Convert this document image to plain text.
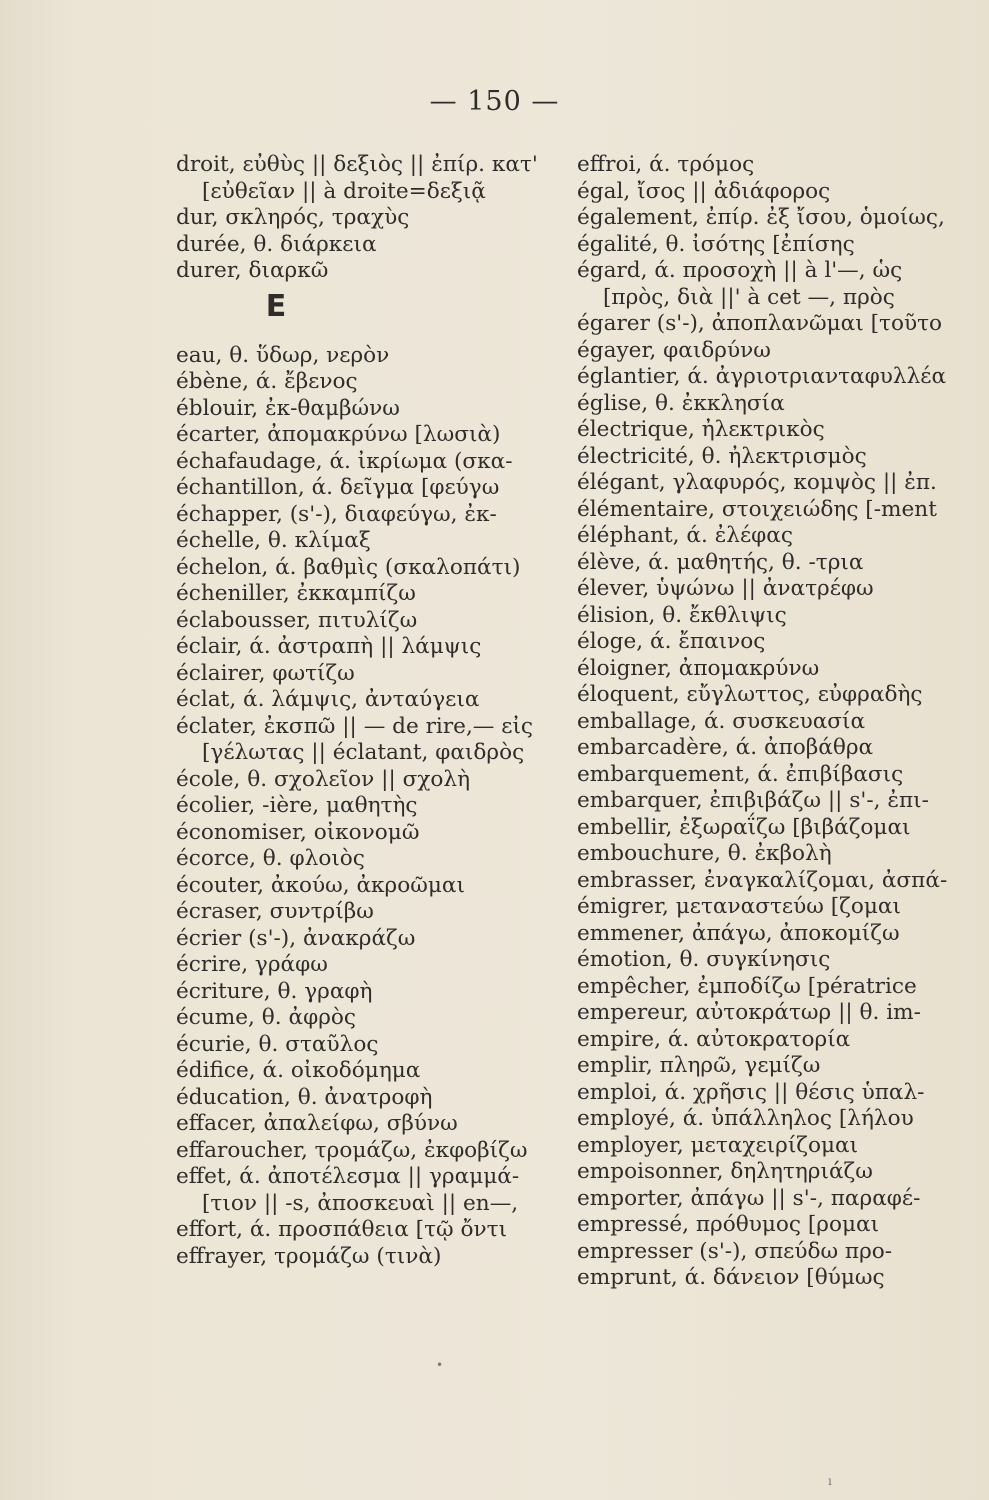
— 150 —
droit, εὐθὺς || δεξιὸς || ἐπίρ. κατ'
[εὐθεῖαν || à droite=δεξιᾷ
dur, σκληρός, τραχὺς
durée, θ. διάρκεια
durer, διαρκῶ
E
eau, θ. ὕδωρ, νερὸν
ébène, ά. ἔβενος
éblouir, ἐκ-θαμβώνω
écarter, ἀπομακρύνω [λωσιὰ)
échafaudage, ά. ἰκρίωμα (σκα-
échantillon, ά. δεῖγμα [φεύγω
échapper, (s'-), διαφεύγω, ἐκ-
échelle, θ. κλίμαξ
échelon, ά. βαθμὶς (σκαλοπάτι)
écheniller, ἐκκαμπίζω
éclabousser, πιτυλίζω
éclair, ά. ἀστραπὴ || λάμψις
éclairer, φωτίζω
éclat, ά. λάμψις, ἀνταύγεια
éclater, ἐκσπῶ || — de rire,— εἰς
[γέλωτας || éclatant, φαιδρὸς
école, θ. σχολεῖον || σχολὴ
écolier, -ière, μαθητὴς
économiser, οἰκονομῶ
écorce, θ. φλοιὸς
écouter, ἀκούω, ἀκροῶμαι
écraser, συντρίβω
écrier (s'-), ἀνακράζω
écrire, γράφω
écriture, θ. γραφὴ
écume, θ. ἀφρὸς
écurie, θ. σταῦλος
édifice, ά. οἰκοδόμημα
éducation, θ. ἀνατροφὴ
effacer, ἀπαλείφω, σβύνω
effaroucher, τρομάζω, ἐκφοβίζω
effet, ά. ἀποτέλεσμα || γραμμά-
[τιον || -s, ἀποσκευαὶ || en—,
effort, ά. προσπάθεια [τῷ ὄντι
effrayer, τρομάζω (τινὰ)
effroi, ά. τρόμος
égal, ἴσος || ἀδιάφορος
également, ἐπίρ. ἐξ ἴσου, ὁμοίως,
égalité, θ. ἰσότης [ἐπίσης
égard, ά. προσοχὴ || à l'—, ὡς
[πρὸς, διὰ ||' à cet —, πρὸς
égarer (s'-), ἀποπλανῶμαι [τοῦτο
égayer, φαιδρύνω
églantier, ά. ἀγριοτριανταφυλλέα
église, θ. ἐκκλησία
électrique, ἠλεκτρικὸς
électricité, θ. ἠλεκτρισμὸς
élégant, γλαφυρός, κομψὸς || ἐπ.
élémentaire, στοιχειώδης [-ment
éléphant, ά. ἐλέφας
élève, ά. μαθητής, θ. -τρια
élever, ὑψώνω || ἀνατρέφω
élision, θ. ἔκθλιψις
éloge, ά. ἔπαινος
éloigner, ἀπομακρύνω
éloquent, εὔγλωττος, εὐφραδὴς
emballage, ά. συσκευασία
embarcadère, ά. ἀποβάθρα
embarquement, ά. ἐπιβίβασις
embarquer, ἐπιβιβάζω || s'-, ἐπι-
embellir, ἐξωραΐζω [βιβάζομαι
embouchure, θ. ἐκβολὴ
embrasser, ἐναγκαλίζομαι, ἀσπά-
émigrer, μεταναστεύω [ζομαι
emmener, ἀπάγω, ἀποκομίζω
émotion, θ. συγκίνησις
empêcher, ἐμποδίζω [pératrice
empereur, αὐτοκράτωρ || θ. im-
empire, ά. αὐτοκρατορία
emplir, πληρῶ, γεμίζω
emploi, ά. χρῆσις || θέσις ὑπαλ-
employé, ά. ὑπάλληλος [λήλου
employer, μεταχειρίζομαι
empoisonner, δηλητηριάζω
emporter, ἀπάγω || s'-, παραφέ-
empressé, πρόθυμος [ρομαι
empresser (s'-), σπεύδω προ-
emprunt, ά. δάνειον [θύμως
•
ı
